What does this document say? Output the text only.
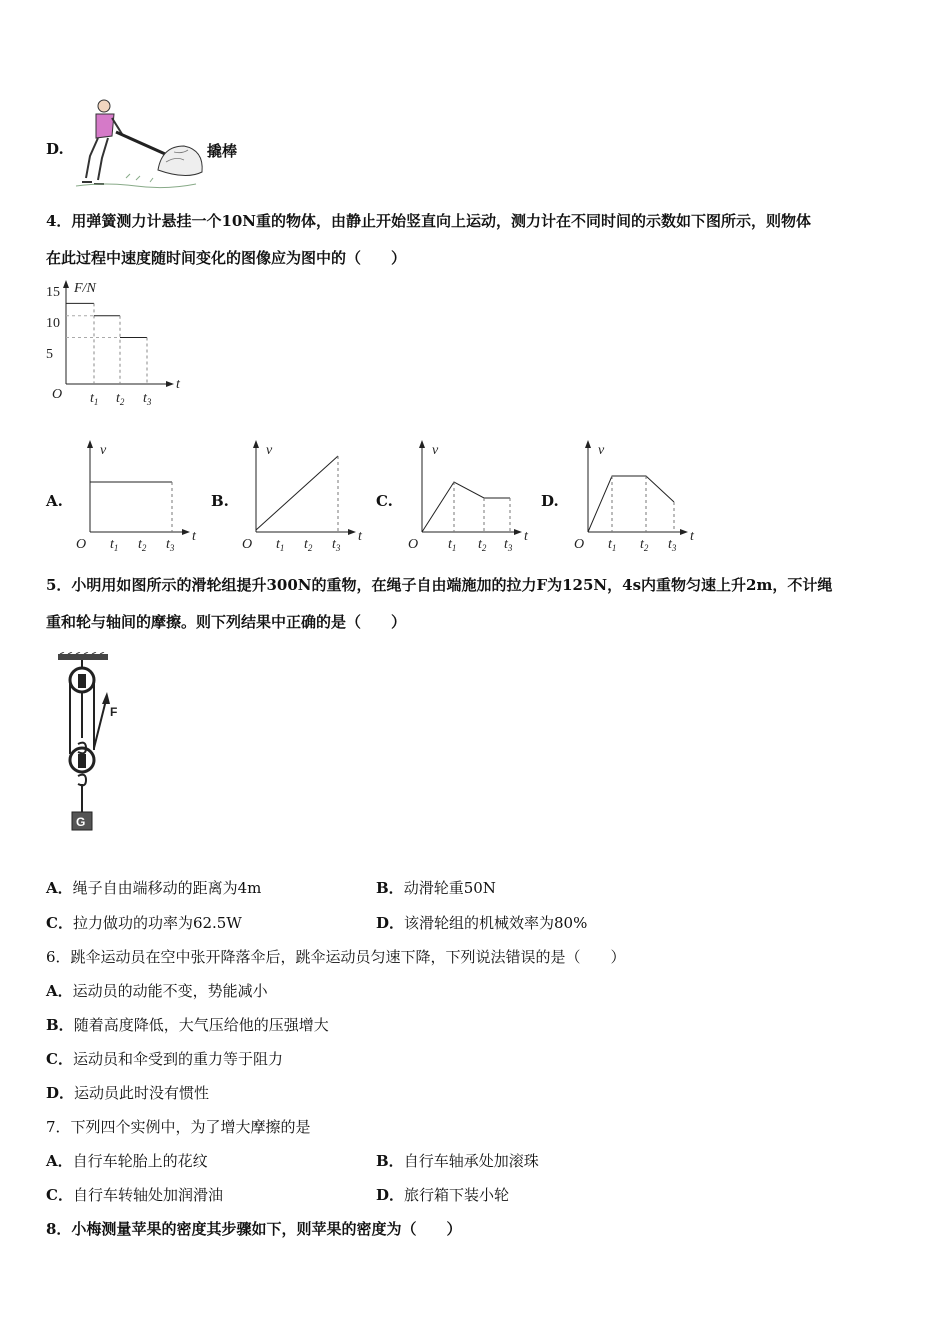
D.	撬棒
4．用弹簧测力计悬挂一个10N重的物体，由静止开始竖直向上运动，测力计在不同时间的示数如下图所示，则物体
在此过程中速度随时间变化的图像应为图中的（　　）
F/N
t
O
15
10
5
$t_1$ $t_2$ $t_3$
A.	B.	C.	D.
v
t
O $t_1$ $t_2$ $t_3$
v
t
O $t_1$ $t_2$ $t_3$
v
t
O $t_1$ $t_2$ $t_3$
v
t
O $t_1$ $t_2$ $t_3$
5．小明用如图所示的滑轮组提升300N的重物，在绳子自由端施加的拉力F为125N，4s内重物匀速上升2m，不计绳
重和轮与轴间的摩擦。则下列结果中正确的是（　　）
F
G
A．绳子自由端移动的距离为4m	B．动滑轮重50N
C．拉力做功的功率为62.5W	D．该滑轮组的机械效率为80%
6．跳伞运动员在空中张开降落伞后，跳伞运动员匀速下降，下列说法错误的是（　　）
A．运动员的动能不变，势能减小
B．随着高度降低，大气压给他的压强增大
C．运动员和伞受到的重力等于阻力
D．运动员此时没有惯性
7．下列四个实例中，为了增大摩擦的是
A．自行车轮胎上的花纹	B．自行车轴承处加滚珠
C．自行车转轴处加润滑油	D．旅行箱下装小轮
8．小梅测量苹果的密度其步骤如下，则苹果的密度为（　　）
